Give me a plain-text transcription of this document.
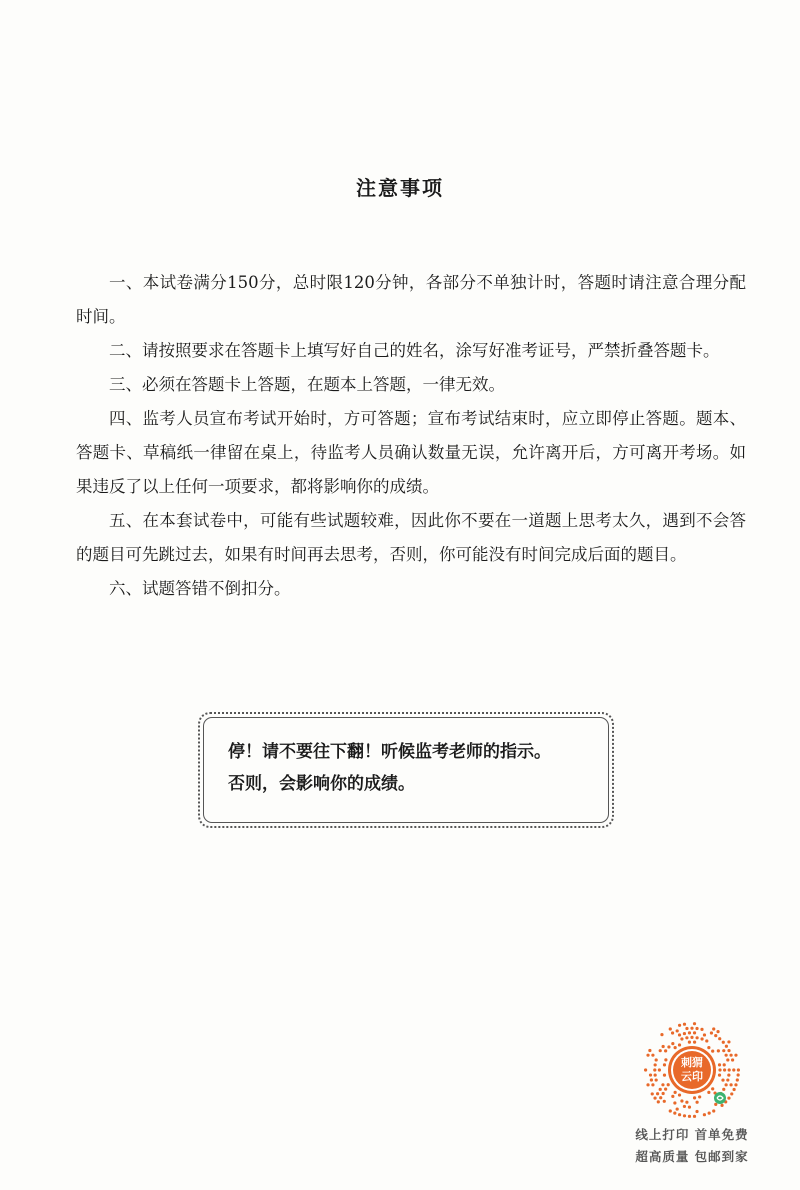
注意事项

一、本试卷满分150分，总时限120分钟，各部分不单独计时，答题时请注意合理分配时间。

二、请按照要求在答题卡上填写好自己的姓名，涂写好准考证号，严禁折叠答题卡。

三、必须在答题卡上答题，在题本上答题，一律无效。

四、监考人员宣布考试开始时，方可答题；宣布考试结束时，应立即停止答题。题本、答题卡、草稿纸一律留在桌上，待监考人员确认数量无误，允许离开后，方可离开考场。如果违反了以上任何一项要求，都将影响你的成绩。

五、在本套试卷中，可能有些试题较难，因此你不要在一道题上思考太久，遇到不会答的题目可先跳过去，如果有时间再去思考，否则，你可能没有时间完成后面的题目。

六、试题答错不倒扣分。

停！请不要往下翻！听候监考老师的指示。
否则，会影响你的成绩。
刺猬
云印
线上打印 首单免费
超高质量 包邮到家
